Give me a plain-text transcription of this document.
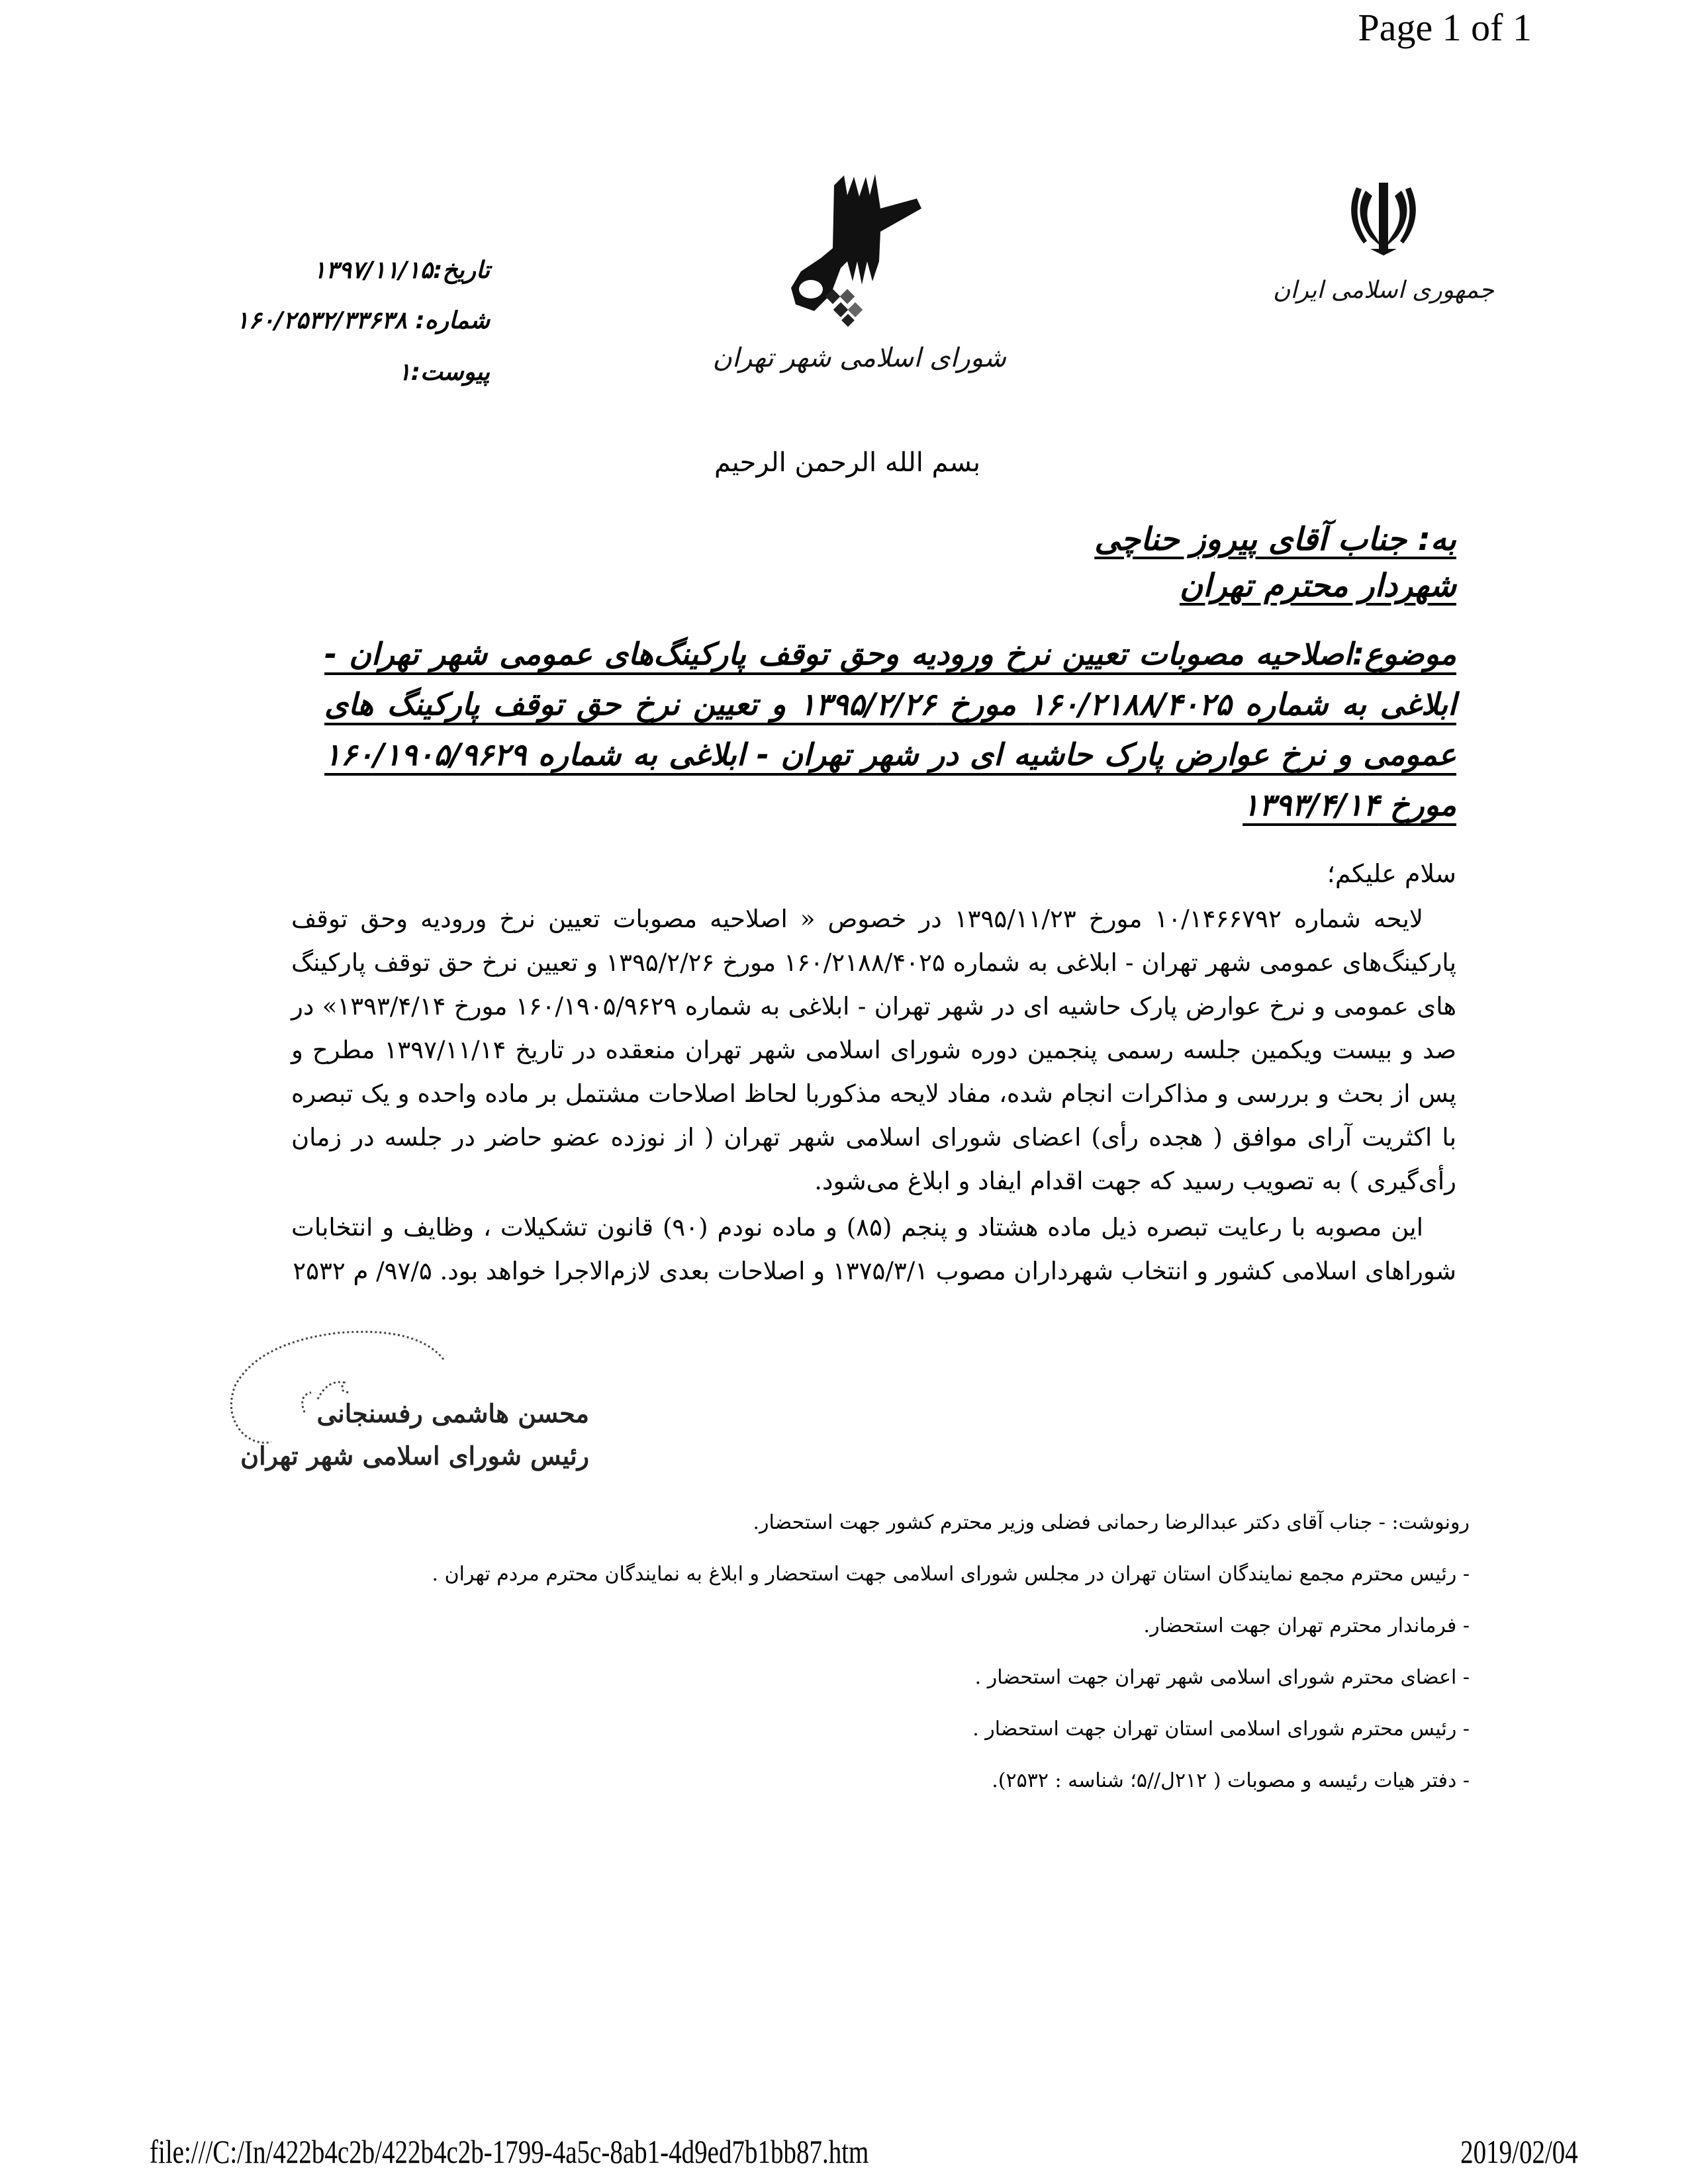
Page 1 of 1
تاریخ:۱۳۹۷/۱۱/۱۵
شماره: ۱۶۰/۲۵۳۲/۳۳۶۳۸
پیوست:۱	شورای اسلامی شهر تهران
جمهوری اسلامی ایران
بسم الله الرحمن الرحیم
به: جناب آقای پیروز حناچی
شهردار محترم تهران
موضوع:اصلاحیه مصوبات تعیین نرخ ورودیه وحق توقف پارکینگ‌های عمومی شهر تهران - ابلاغی به شماره ۱۶۰/۲۱۸۸/۴۰۲۵ مورخ ۱۳۹۵/۲/۲۶ و تعیین نرخ حق توقف پارکینگ های عمومی و نرخ عوارض پارک حاشیه ای در شهر تهران - ابلاغی به شماره ۱۶۰/۱۹۰۵/۹۶۲۹ مورخ ۱۳۹۳/۴/۱۴
سلام علیکم؛
لایحه شماره ۱۰/۱۴۶۶۷۹۲ مورخ ۱۳۹۵/۱۱/۲۳ در خصوص « اصلاحیه مصوبات تعیین نرخ ورودیه وحق توقف پارکینگ‌های عمومی شهر تهران - ابلاغی به شماره ۱۶۰/۲۱۸۸/۴۰۲۵ مورخ ۱۳۹۵/۲/۲۶ و تعیین نرخ حق توقف پارکینگ های عمومی و نرخ عوارض پارک حاشیه ای در شهر تهران - ابلاغی به شماره ۱۶۰/۱۹۰۵/۹۶۲۹ مورخ ۱۳۹۳/۴/۱۴» در صد و بیست ویکمین جلسه رسمی پنجمین دوره شورای اسلامی شهر تهران منعقده در تاریخ ۱۳۹۷/۱۱/۱۴ مطرح و پس از بحث و بررسی و مذاکرات انجام شده، مفاد لایحه مذکوربا لحاظ اصلاحات مشتمل بر ماده واحده و یک تبصره با اکثریت آرای موافق ( هجده رأی) اعضای شورای اسلامی شهر تهران ( از نوزده عضو حاضر در جلسه در زمان رأی‌گیری ) به تصویب رسید که جهت اقدام ایفاد و ابلاغ می‌شود.
این مصوبه با رعایت تبصره ذیل ماده هشتاد و پنجم (۸۵) و ماده نودم (۹۰) قانون تشکیلات ، وظایف و انتخابات شوراهای اسلامی کشور و انتخاب شهرداران مصوب ۱۳۷۵/۳/۱ و اصلاحات بعدی لازم‌الاجرا خواهد بود. ۹۷/۵/ م ۲۵۳۲
محسن هاشمی رفسنجانی
رئیس شورای اسلامی شهر تهران
رونوشت: - جناب آقای دکتر عبدالرضا رحمانی فضلی وزیر محترم کشور جهت استحضار.
- رئیس محترم مجمع نمایندگان استان تهران در مجلس شورای اسلامی جهت استحضار و ابلاغ به نمایندگان محترم مردم تهران .
- فرماندار محترم تهران جهت استحضار.
- اعضای محترم شورای اسلامی شهر تهران جهت استحضار .
- رئیس محترم شورای اسلامی استان تهران جهت استحضار .
- دفتر هیات رئیسه و مصوبات ( ۲۱۲ل//۵؛ شناسه : ۲۵۳۲).
file:///C:/In/422b4c2b/422b4c2b-1799-4a5c-8ab1-4d9ed7b1bb87.htm	2019/02/04
